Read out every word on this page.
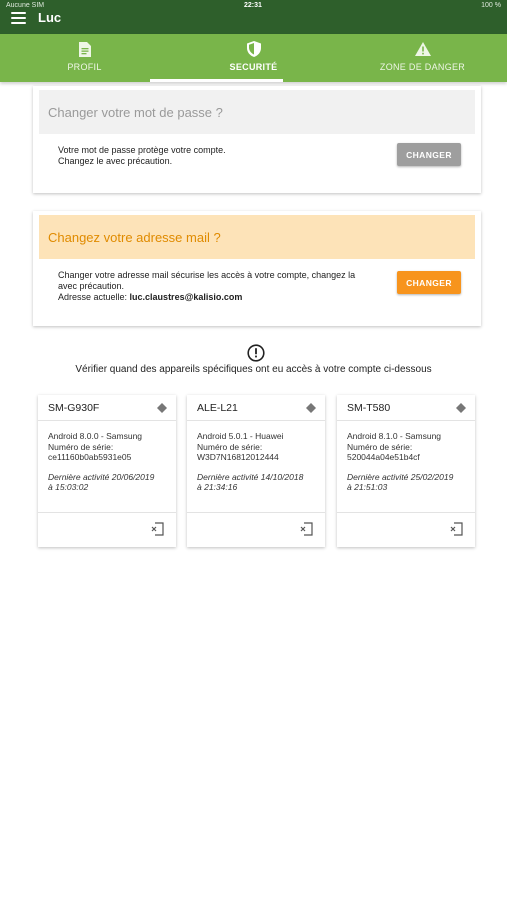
Aucune SIM	22:31	100 %
Luc
PROFIL	SECURITÉ	ZONE DE DANGER
Changer votre mot de passe ?
Votre mot de passe protège votre compte.
Changez le avec précaution.
CHANGER
Changez votre adresse mail ?
Changer votre adresse mail sécurise les accès à votre compte, changez la avec précaution.
Adresse actuelle: luc.claustres@kalisio.com
CHANGER
Vérifier quand des appareils spécifiques ont eu accès à votre compte ci-dessous
SM-G930F
Android 8.0.0 - Samsung
Numéro de série:
ce11160b0ab5931e05
Dernière activité 20/06/2019
à 15:03:02
ALE-L21
Android 5.0.1 - Huawei
Numéro de série:
W3D7N16812012444
Dernière activité 14/10/2018
à 21:34:16
SM-T580
Android 8.1.0 - Samsung
Numéro de série:
520044a04e51b4cf
Dernière activité 25/02/2019
à 21:51:03
